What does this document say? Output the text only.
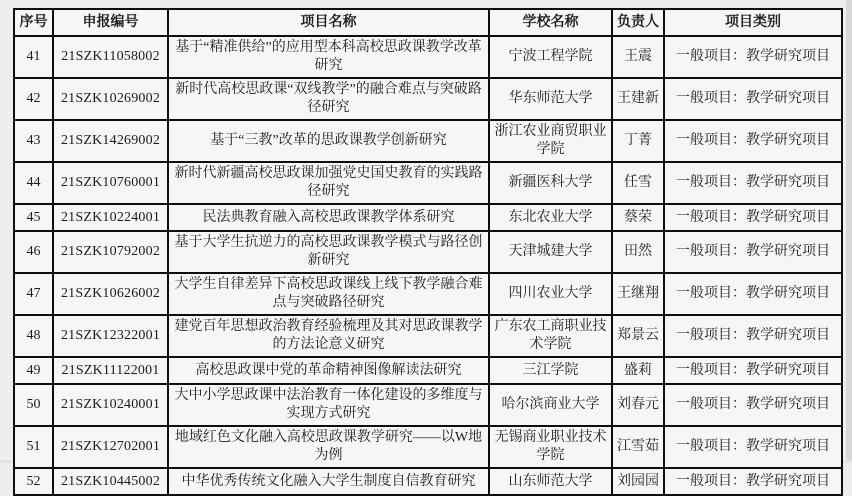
序号	申报编号	项目名称	学校名称	负责人	项目类别
41	21SZK11058002	基于“精准供给”的应用型本科高校思政课教学改革研究	宁波工程学院	王震	一般项目：教学研究项目
42	21SZK10269002	新时代高校思政课“双线教学”的融合难点与突破路径研究	华东师范大学	王建新	一般项目：教学研究项目
43	21SZK14269002	基于“三教”改革的思政课教学创新研究	浙江农业商贸职业学院	丁菁	一般项目：教学研究项目
44	21SZK10760001	新时代新疆高校思政课加强党史国史教育的实践路径研究	新疆医科大学	任雪	一般项目：教学研究项目
45	21SZK10224001	民法典教育融入高校思政课教学体系研究	东北农业大学	蔡荣	一般项目：教学研究项目
46	21SZK10792002	基于大学生抗逆力的高校思政课教学模式与路径创新研究	天津城建大学	田然	一般项目：教学研究项目
47	21SZK10626002	大学生自律差异下高校思政课线上线下教学融合难点与突破路径研究	四川农业大学	王继翔	一般项目：教学研究项目
48	21SZK12322001	建党百年思想政治教育经验梳理及其对思政课教学的方法论意义研究	广东农工商职业技术学院	郑景云	一般项目：教学研究项目
49	21SZK11122001	高校思政课中党的革命精神图像解读法研究	三江学院	盛莉	一般项目：教学研究项目
50	21SZK10240001	大中小学思政课中法治教育一体化建设的多维度与实现方式研究	哈尔滨商业大学	刘春元	一般项目：教学研究项目
51	21SZK12702001	地域红色文化融入高校思政课教学研究——以W地为例	无锡商业职业技术学院	江雪茹	一般项目：教学研究项目
52	21SZK10445002	中华优秀传统文化融入大学生制度自信教育研究	山东师范大学	刘园园	一般项目：教学研究项目
